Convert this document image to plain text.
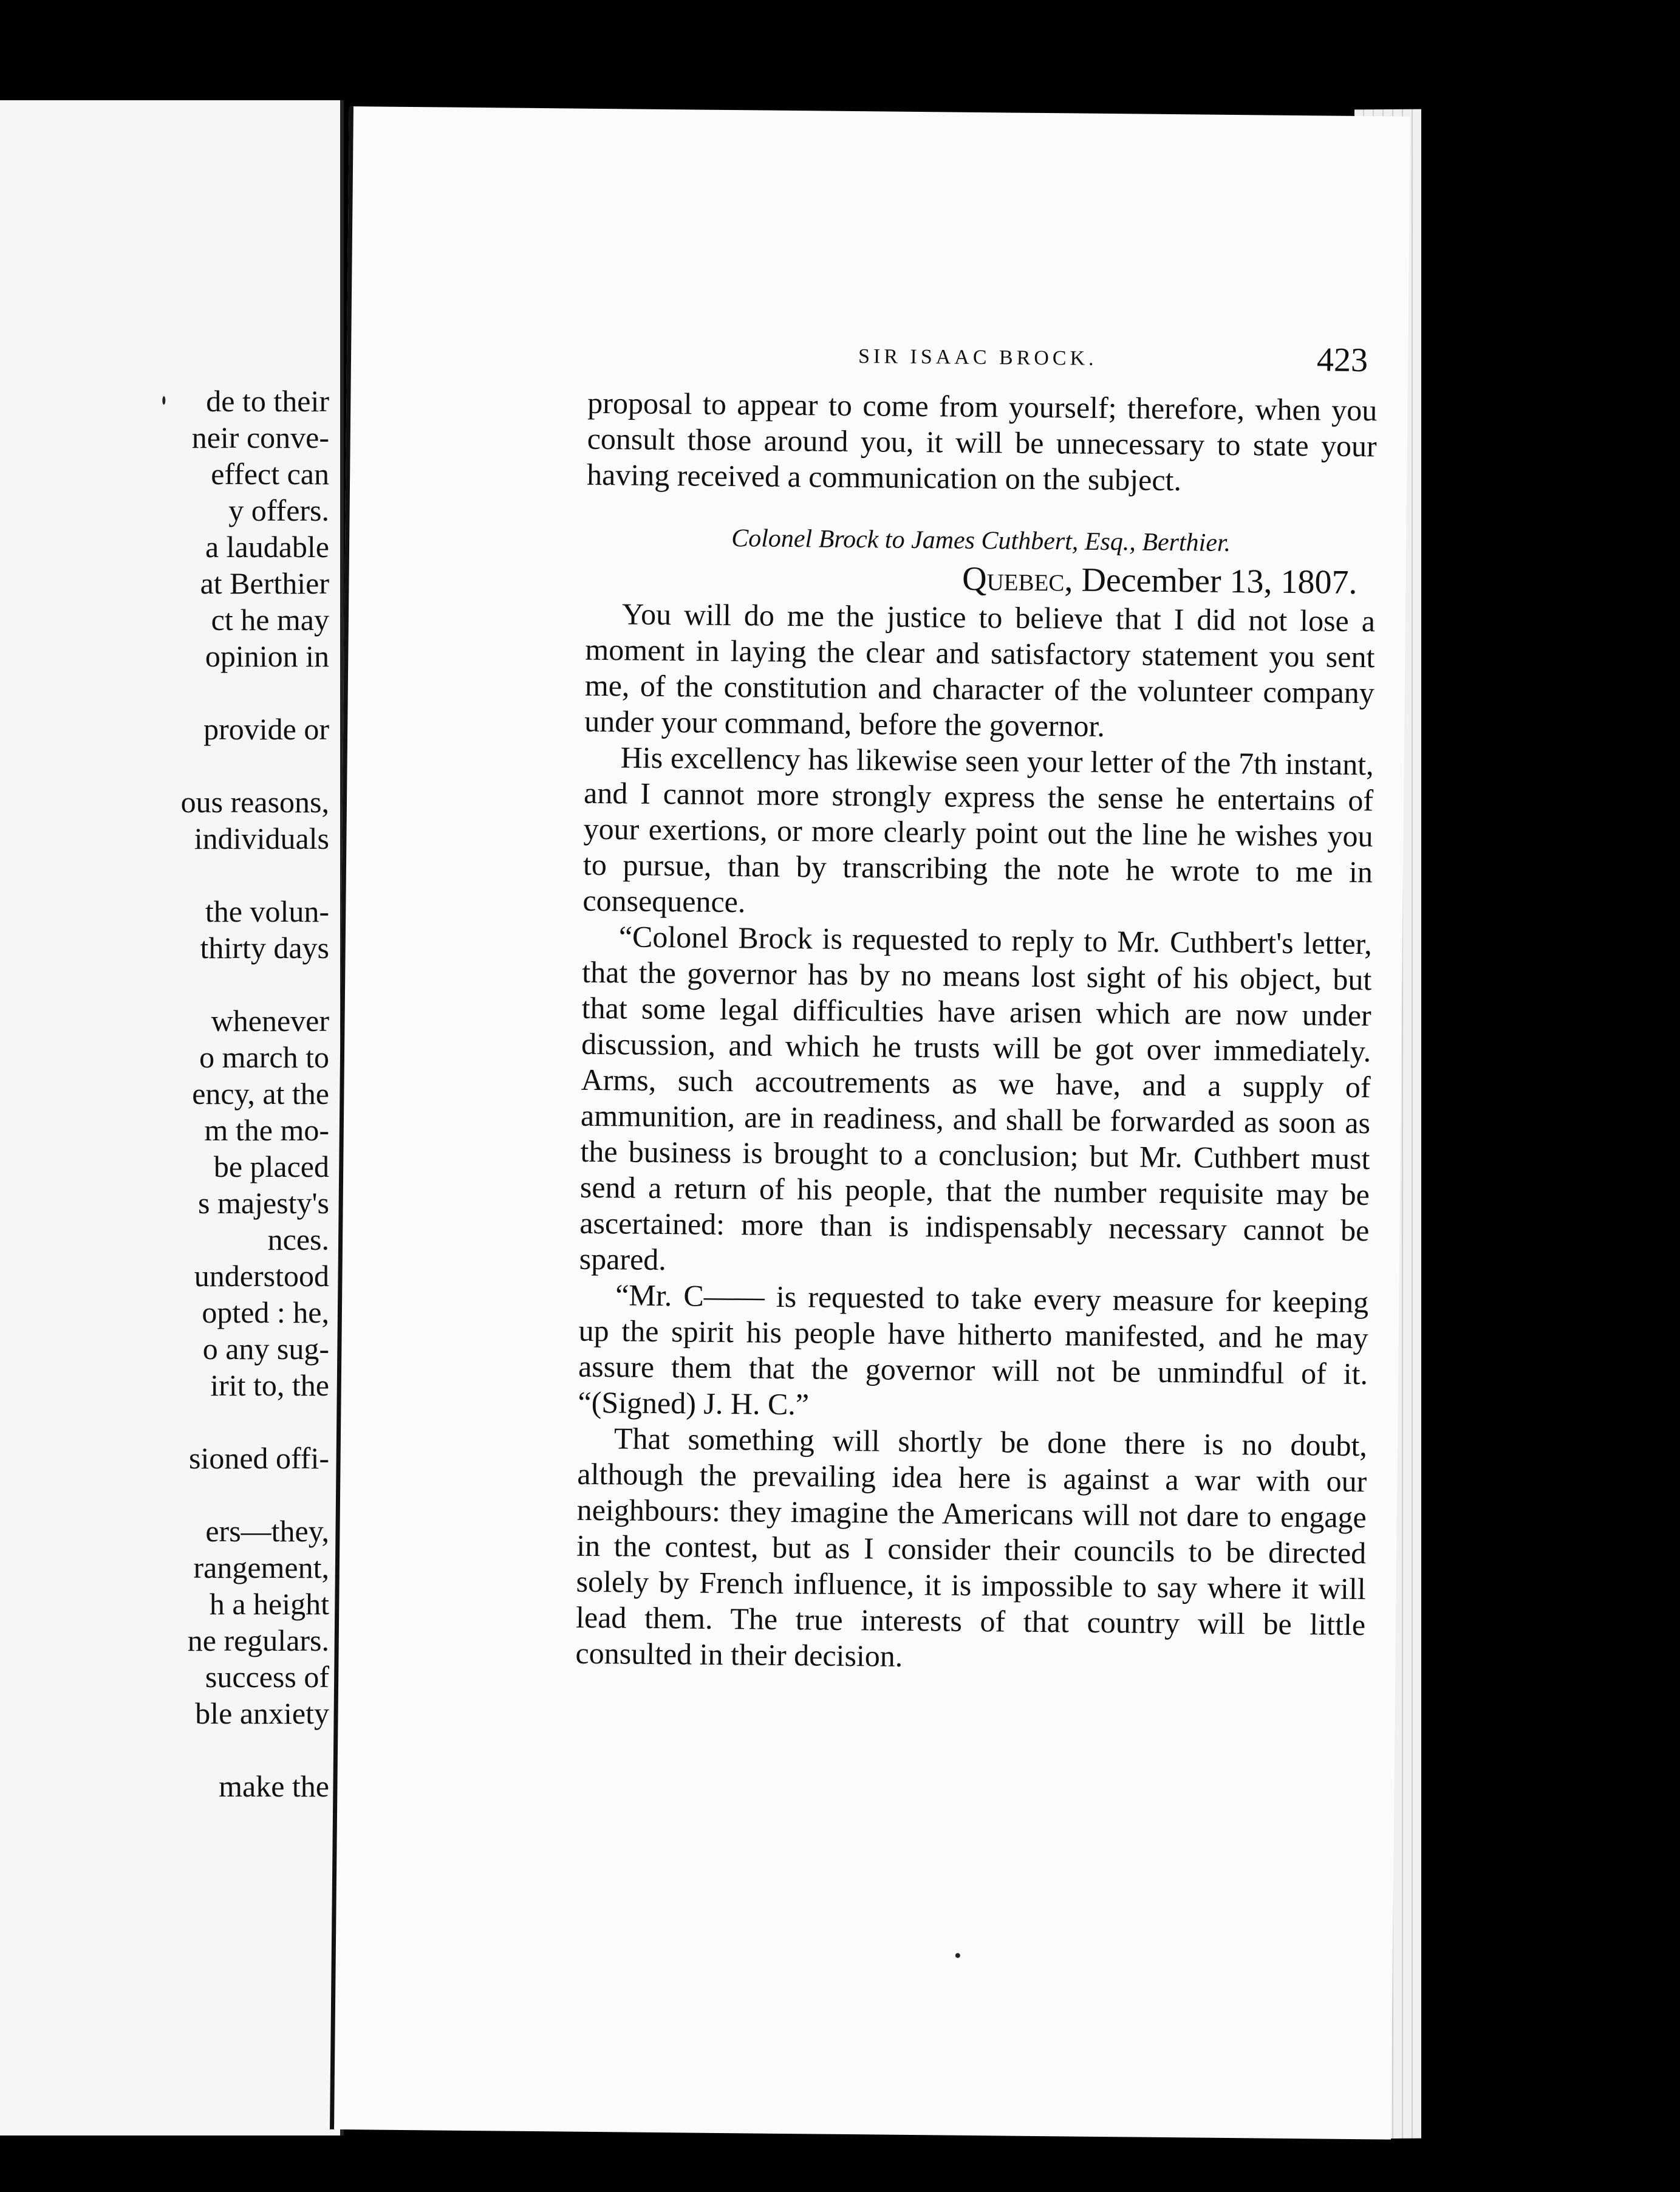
de to their
neir conve-
effect can
y offers.
a laudable
at Berthier
ct he may
opinion in
provide or
ous reasons,
individuals
the volun-
thirty days
whenever
o march to
ency, at the
m the mo-
be placed
s majesty's
nces.
understood
opted : he,
o any sug-
irit to, the
sioned offi-
ers—they,
rangement,
h a height
ne regulars.
success of
ble anxiety
make the
SIR ISAAC BROCK.	423

proposal to appear to come from yourself; therefore, when you consult those around you, it will be unnecessary to state your having received a communication on the subject.

Colonel Brock to James Cuthbert, Esq., Berthier.

Quebec, December 13, 1807.

You will do me the justice to believe that I did not lose a moment in laying the clear and satisfactory statement you sent me, of the constitution and character of the volunteer company under your command, before the governor.

His excellency has likewise seen your letter of the 7th instant, and I cannot more strongly express the sense he entertains of your exertions, or more clearly point out the line he wishes you to pursue, than by transcribing the note he wrote to me in consequence.

“Colonel Brock is requested to reply to Mr. Cuthbert's letter, that the governor has by no means lost sight of his object, but that some legal difficulties have arisen which are now under discussion, and which he trusts will be got over immediately. Arms, such accoutrements as we have, and a supply of ammunition, are in readiness, and shall be forwarded as soon as the business is brought to a conclusion; but Mr. Cuthbert must send a return of his people, that the number requisite may be ascertained: more than is indispensably necessary cannot be spared.

“Mr. C—— is requested to take every measure for keeping up the spirit his people have hitherto manifested, and he may assure them that the governor will not be unmindful of it. “(Signed) J. H. C.”

That something will shortly be done there is no doubt, although the prevailing idea here is against a war with our neighbours: they imagine the Americans will not dare to engage in the contest, but as I consider their councils to be directed solely by French influence, it is impossible to say where it will lead them. The true interests of that country will be little consulted in their decision.
